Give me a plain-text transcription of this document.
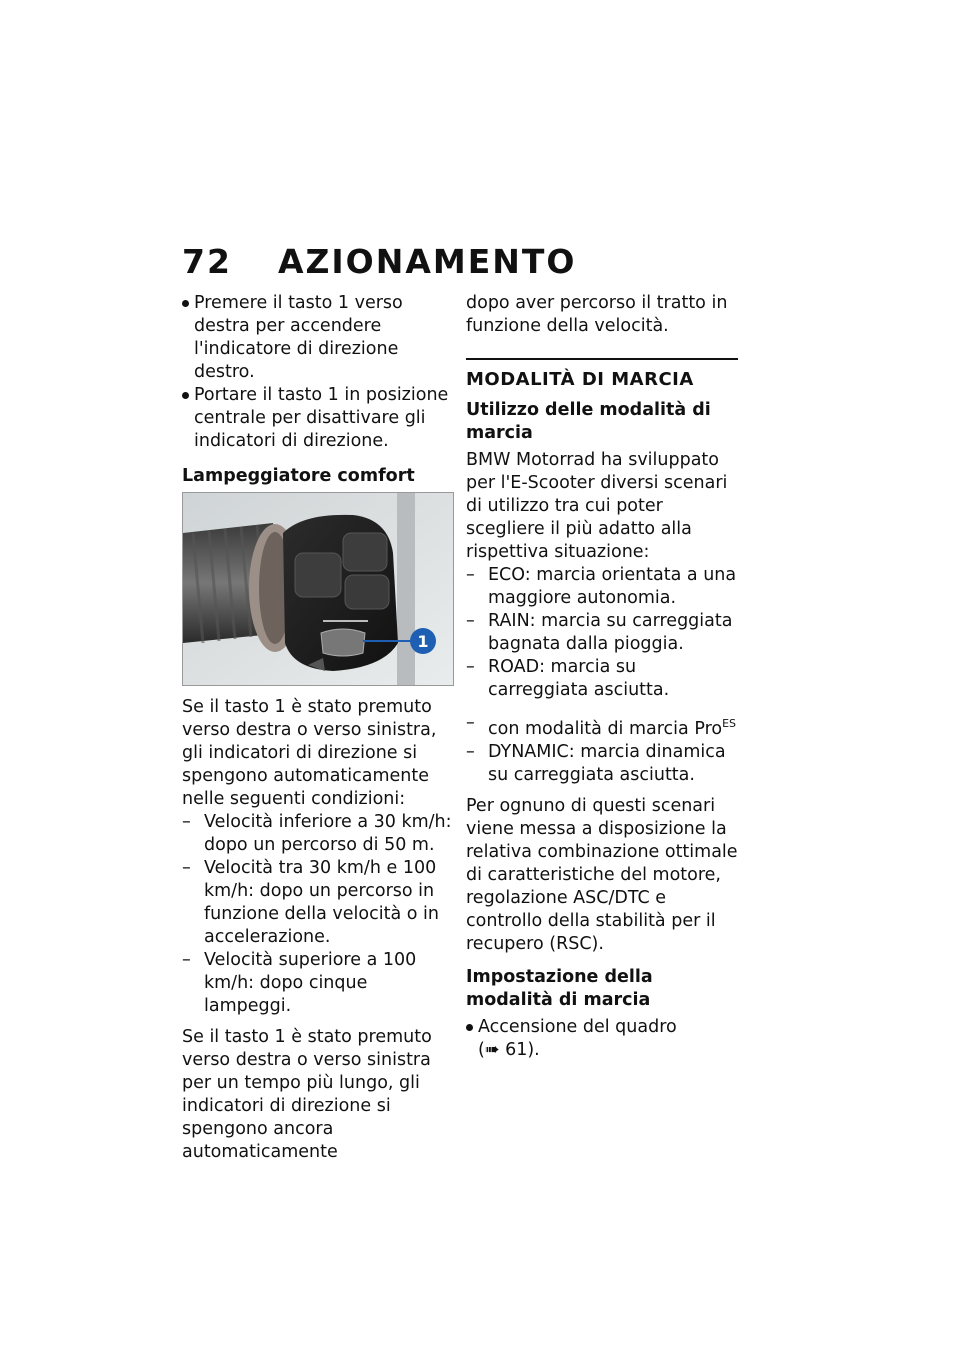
72 AZIONAMENTO

Premere il tasto 1 verso destra per accendere l'indicatore di direzione destro.

Portare il tasto 1 in posizione centrale per disattivare gli indicatori di direzione.

Lampeggiatore comfort
1

Se il tasto 1 è stato premuto verso destra o verso sinistra, gli indicatori di direzione si spengono automaticamente nelle seguenti condizioni:

– Velocità inferiore a 30 km/h: dopo un percorso di 50 m.

– Velocità tra 30 km/h e 100 km/h: dopo un percorso in funzione della velocità o in accelerazione.

– Velocità superiore a 100 km/h: dopo cinque lampeggi.

Se il tasto 1 è stato premuto verso destra o verso sinistra per un tempo più lungo, gli indicatori di direzione si spengono ancora automaticamente

dopo aver percorso il tratto in funzione della velocità.

MODALITÀ DI MARCIA
Utilizzo delle modalità di marcia

BMW Motorrad ha sviluppato per l'E-Scooter diversi scenari di utilizzo tra cui poter scegliere il più adatto alla rispettiva situazione:

– ECO: marcia orientata a una maggiore autonomia.

– RAIN: marcia su carreggiata bagnata dalla pioggia.

– ROAD: marcia su carreggiata asciutta.

– con modalità di marcia Pro$^{ES}$

– DYNAMIC: marcia dinamica su carreggiata asciutta.

Per ognuno di questi scenari viene messa a disposizione la relativa combinazione ottimale di caratteristiche del motore, regolazione ASC/DTC e controllo della stabilità per il recupero (RSC).

Impostazione della modalità di marcia

Accensione del quadro
(➠ 61).
